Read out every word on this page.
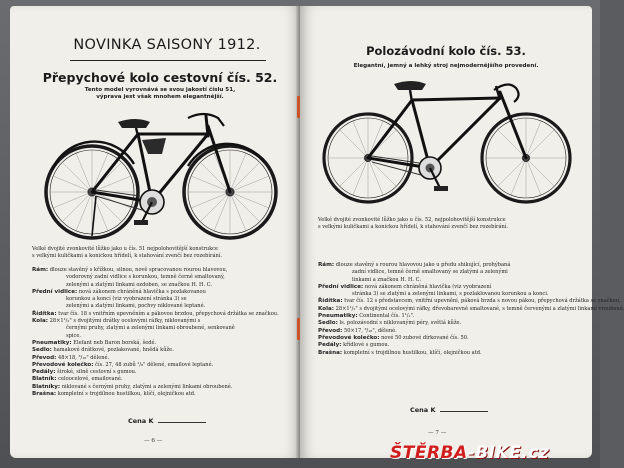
NOVINKA SAISONY 1912.
Přepychové kolo cestovní čís. 52.
Tento model vyrovnává se svou jakostí číslu 51,
výprava jest však mnohem elegantnější.
Velké dvojité zvonkovité lůžko jako u čís. 51 nejpolohovitější konstrukce
s velkými kuličkami a konickou hřídelí, k stahování zvenčí bez rozebírání.
Rám: dlouze stavěný s křížkou, silnou, nově spracovanou rourou hlavovou,
vodorovný zadní vidlice s korunkou, temně černě smaltovaný,
zelenými a zlatými linkami ozdoben, se značkou H. H. C.
Přední vidlice: nová zákonem chráněná hlavička s pozlakovanou
korunkou a koncí (viz vyobrazení stránka 3) se
zelenými a zlatými linkami, pochvy niklované leptané.
Řídítka: tvar čís. 18 s vnitřním upevněním a pákovou brzdou, přepychová držátka se značkou.
Kola: 28×1¹/₂" s dvojitými drátky ocelovými ráfky, niklovanými s
černými pruhy, zlatými a zelenými linkami obroubené, senkovaně
spice.
Pneumatiky: Elefant neb Baron borská, šedé.
Sedlo: hamakové drátkové, pozlakované, hnědá kůže.
Převod: 48×18, ³/₁₆" dělené.
Převodové kolečko: čís. 27, 48 zubů ¹/₈" dělené, emailové leptané.
Pedály: široké, silně cestovní s gumou.
Blatník: celoocelové, emailované.
Blatníky: niklované s černými pruhy, zlatými a zelenými linkami obroubené.
Brašna: kompletní s trojdílnou hustilkou, klíčí, olejničkou atd.
Cena K
— 6 —
Polozávodní kolo čís. 53.
Elegantní, jemný a lehký stroj nejmodernějšího provedení.
Velké dvojité zvonkovité lůžko jako u čís. 52, nejpolohovitější konstrukce
s velkými kuličkami a konickou hřídelí, k stahování zvenčí bez rozebírání.
Rám: dlouze stavěný s rourou hlavovou jako u předu shikující, prohýbaná
zadní vidlice, temně černě smaltovaný se zlatými a zelenými
linkami a značkou H. H. C.
Přední vidlice: nová zákonem chráněná hlavička (viz vyobrazení
stránka 3) se zlatými a zelenými linkami, s pozlaklovanou korunkou a konci.
Řídítka: tvar čís. 12 s představcem, vnitřní upevnění, páková brzda s novou pákou, přepychová držátka se značkou.
Kola: 28×1¹/₂" s dvojitými ocelovými ráfky, dřevobarevně smaltované, s temně červenými a zlatými linkami vroubené.
Pneumatiky: Continental čís. 1¹/₂".
Sedlo: ls. polozávodní s niklovanými péry, světlá kůže.
Převod: 50×17, ³/₁₆", dělené.
Převodové kolečko: nové 50 zubové dírkované čís. 50.
Pedály: křídlové s gumou.
Brašna: kompletní s trojdílnou hustilkou, klíčí, olejničkou atd.
Cena K
— 7 —
ŠTĚRBA-BIKE.cz
